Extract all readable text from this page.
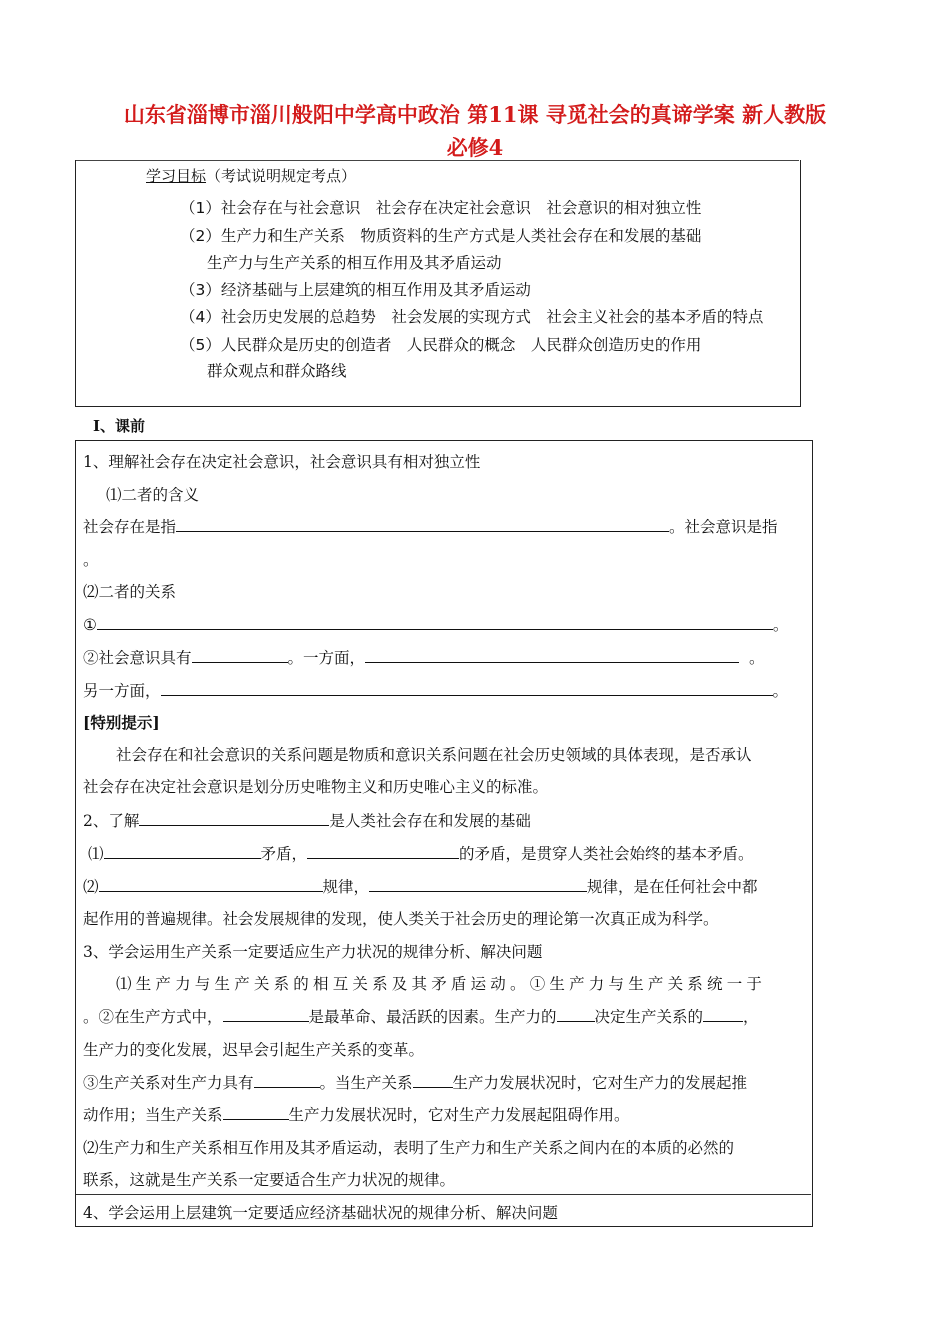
山东省淄博市淄川般阳中学高中政治 第11课 寻觅社会的真谛学案 新人教版
必修4
学习目标（考试说明规定考点）
（1）社会存在与社会意识　社会存在决定社会意识　社会意识的相对独立性
（2）生产力和生产关系　物质资料的生产方式是人类社会存在和发展的基础
生产力与生产关系的相互作用及其矛盾运动
（3）经济基础与上层建筑的相互作用及其矛盾运动
（4）社会历史发展的总趋势　社会发展的实现方式　社会主义社会的基本矛盾的特点
（5）人民群众是历史的创造者　人民群众的概念　人民群众创造历史的作用
群众观点和群众路线
Ⅰ、课前
1、理解社会存在决定社会意识，社会意识具有相对独立性
⑴二者的含义
社会存在是指	。社会意识是指
。
⑵二者的关系
①	。
②社会意识具有	。一方面，	。
另一方面，	。
[特别提示]
社会存在和社会意识的关系问题是物质和意识关系问题在社会历史领域的具体表现，是否承认
社会存在决定社会意识是划分历史唯物主义和历史唯心主义的标准。
2、了解	是人类社会存在和发展的基础
⑴	矛盾，	的矛盾，是贯穿人类社会始终的基本矛盾。
⑵	规律，	规律，是在任何社会中都
起作用的普遍规律。社会发展规律的发现，使人类关于社会历史的理论第一次真正成为科学。
3、学会运用生产关系一定要适应生产力状况的规律分析、解决问题
⑴生产力与生产关系的相互关系及其矛盾运动。①生产力与生产关系统一于
。②在生产方式中，	是最革命、最活跃的因素。生产力的 决定生产关系的	，
生产力的变化发展，迟早会引起生产关系的变革。
③生产关系对生产力具有	。当生产关系	生产力发展状况时，它对生产力的发展起推
动作用；当生产关系	生产力发展状况时，它对生产力发展起阻碍作用。
⑵生产力和生产关系相互作用及其矛盾运动，表明了生产力和生产关系之间内在的本质的必然的
联系，这就是生产关系一定要适合生产力状况的规律。
4、学会运用上层建筑一定要适应经济基础状况的规律分析、解决问题
